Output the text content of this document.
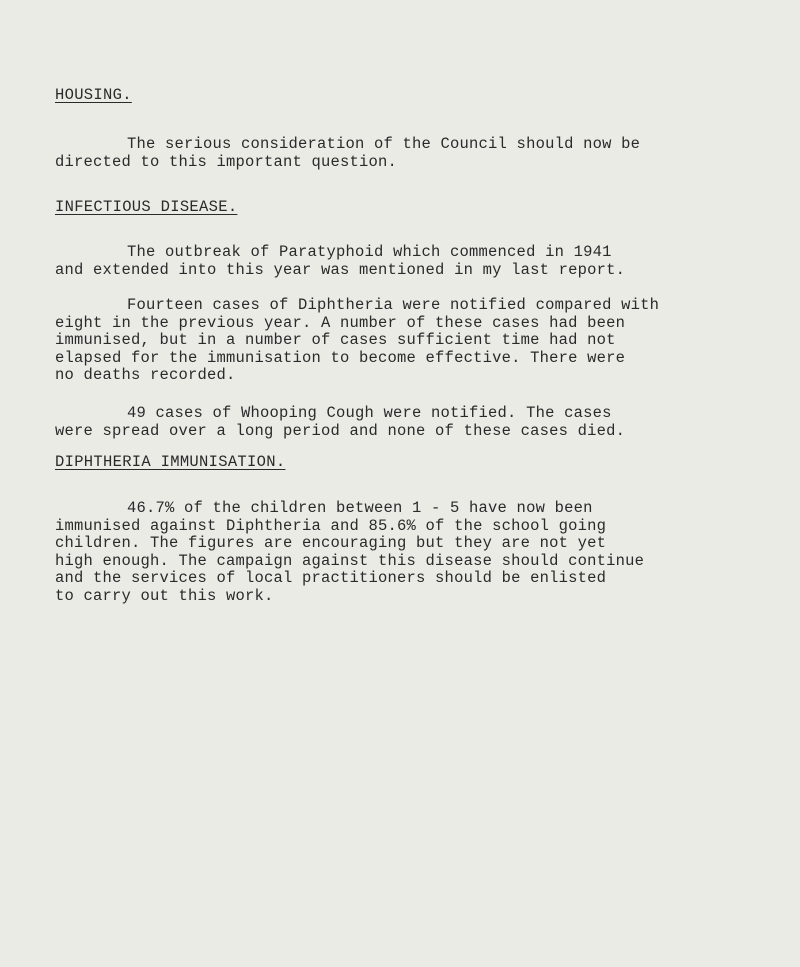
HOUSING.
The serious consideration of the Council should now be
directed to this important question.
INFECTIOUS DISEASE.
The outbreak of Paratyphoid which commenced in 1941
and extended into this year was mentioned in my last report.
Fourteen cases of Diphtheria were notified compared with
eight in the previous year. A number of these cases had been
immunised, but in a number of cases sufficient time had not
elapsed for the immunisation to become effective. There were
no deaths recorded.
49 cases of Whooping Cough were notified. The cases
were spread over a long period and none of these cases died.
DIPHTHERIA IMMUNISATION.
46.7% of the children between 1 - 5 have now been
immunised against Diphtheria and 85.6% of the school going
children. The figures are encouraging but they are not yet
high enough. The campaign against this disease should continue
and the services of local practitioners should be enlisted
to carry out this work.
